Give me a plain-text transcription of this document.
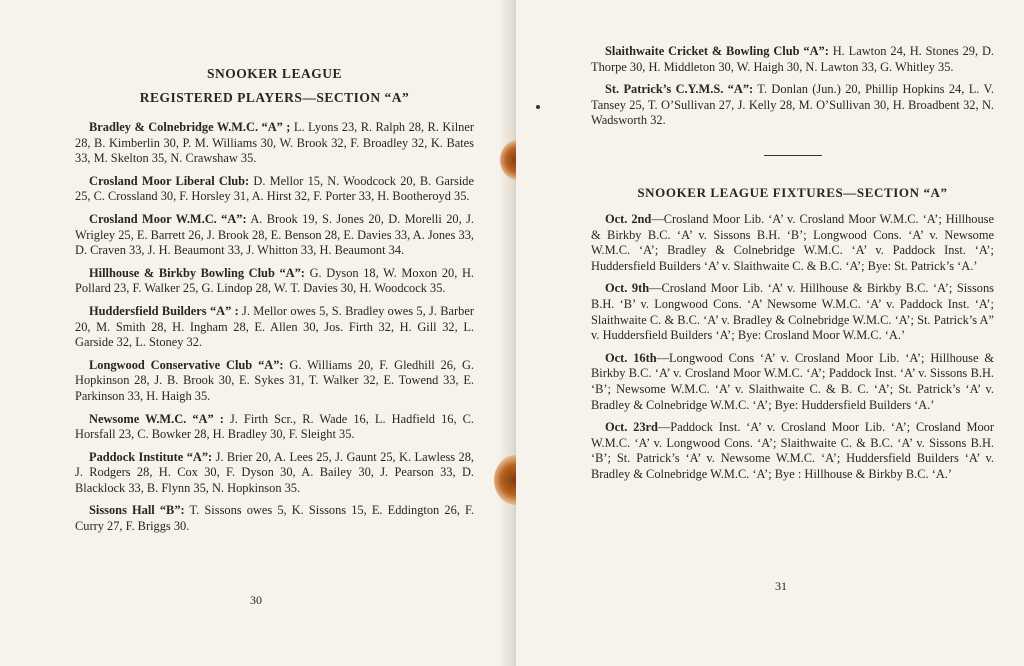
SNOOKER LEAGUE
REGISTERED PLAYERS—SECTION “A”

Bradley & Colnebridge W.M.C. “A” ; L. Lyons 23, R. Ralph 28, R. Kilner 28, B. Kimberlin 30, P. M. Williams 30, W. Brook 32, F. Broadley 32, K. Bates 33, M. Skelton 35, N. Crawshaw 35.

Crosland Moor Liberal Club: D. Mellor 15, N. Woodcock 20, B. Garside 25, C. Crossland 30, F. Horsley 31, A. Hirst 32, F. Porter 33, H. Bootheroyd 35.

Crosland Moor W.M.C. “A”: A. Brook 19, S. Jones 20, D. Morelli 20, J. Wrigley 25, E. Barrett 26, J. Brook 28, E. Benson 28, E. Davies 33, A. Jones 33, D. Craven 33, J. H. Beaumont 33, J. Whitton 33, H. Beaumont 34.

Hillhouse & Birkby Bowling Club “A”: G. Dyson 18, W. Moxon 20, H. Pollard 23, F. Walker 25, G. Lindop 28, W. T. Davies 30, H. Woodcock 35.

Huddersfield Builders “A” : J. Mellor owes 5, S. Bradley owes 5, J. Barber 20, M. Smith 28, H. Ingham 28, E. Allen 30, Jos. Firth 32, H. Gill 32, L. Garside 32, L. Stoney 32.

Longwood Conservative Club “A”: G. Williams 20, F. Gledhill 26, G. Hopkinson 28, J. B. Brook 30, E. Sykes 31, T. Walker 32, E. Towend 33, E. Parkinson 33, H. Haigh 35.

Newsome W.M.C. “A” : J. Firth Scr., R. Wade 16, L. Hadfield 16, C. Horsfall 23, C. Bowker 28, H. Bradley 30, F. Sleight 35.

Paddock Institute “A”: J. Brier 20, A. Lees 25, J. Gaunt 25, K. Lawless 28, J. Rodgers 28, H. Cox 30, F. Dyson 30, A. Bailey 30, J. Pearson 33, D. Blacklock 33, B. Flynn 35, N. Hopkinson 35.

Sissons Hall “B”: T. Sissons owes 5, K. Sissons 15, E. Eddington 26, F. Curry 27, F. Briggs 30.

30

Slaithwaite Cricket & Bowling Club “A”: H. Lawton 24, H. Stones 29, D. Thorpe 30, H. Middleton 30, W. Haigh 30, N. Lawton 33, G. Whitley 35.

St. Patrick’s C.Y.M.S. “A”: T. Donlan (Jun.) 20, Phillip Hopkins 24, L. V. Tansey 25, T. O’Sullivan 27, J. Kelly 28, M. O’Sullivan 30, H. Broadbent 32, N. Wadsworth 32.

SNOOKER LEAGUE FIXTURES—SECTION “A”

Oct. 2nd—Crosland Moor Lib. ‘A’ v. Crosland Moor W.M.C. ‘A’; Hillhouse & Birkby B.C. ‘A’ v. Sissons B.H. ‘B’; Longwood Cons. ‘A’ v. Newsome W.M.C. ‘A’; Bradley & Colnebridge W.M.C. ‘A’ v. Paddock Inst. ‘A’; Huddersfield Builders ‘A’ v. Slaithwaite C. & B.C. ‘A’; Bye: St. Patrick’s ‘A.’

Oct. 9th—Crosland Moor Lib. ‘A’ v. Hillhouse & Birkby B.C. ‘A’; Sissons B.H. ‘B’ v. Longwood Cons. ‘A’ Newsome W.M.C. ‘A’ v. Paddock Inst. ‘A’; Slaithwaite C. & B.C. ‘A’ v. Bradley & Colnebridge W.M.C. ‘A’; St. Patrick’s A” v. Huddersfield Builders ‘A’; Bye: Crosland Moor W.M.C. ‘A.’

Oct. 16th—Longwood Cons ‘A’ v. Crosland Moor Lib. ‘A’; Hillhouse & Birkby B.C. ‘A’ v. Crosland Moor W.M.C. ‘A’; Paddock Inst. ‘A’ v. Sissons B.H. ‘B’; Newsome W.M.C. ‘A’ v. Slaithwaite C. & B. C. ‘A’; St. Patrick’s ‘A’ v. Bradley & Colnebridge W.M.C. ‘A’; Bye: Huddersfield Builders ‘A.’

Oct. 23rd—Paddock Inst. ‘A’ v. Crosland Moor Lib. ‘A’; Crosland Moor W.M.C. ‘A’ v. Longwood Cons. ‘A’; Slaithwaite C. & B.C. ‘A’ v. Sissons B.H. ‘B’; St. Patrick’s ‘A’ v. Newsome W.M.C. ‘A’; Huddersfield Builders ‘A’ v. Bradley & Colnebridge W.M.C. ‘A’; Bye : Hillhouse & Birkby B.C. ‘A.’

31
